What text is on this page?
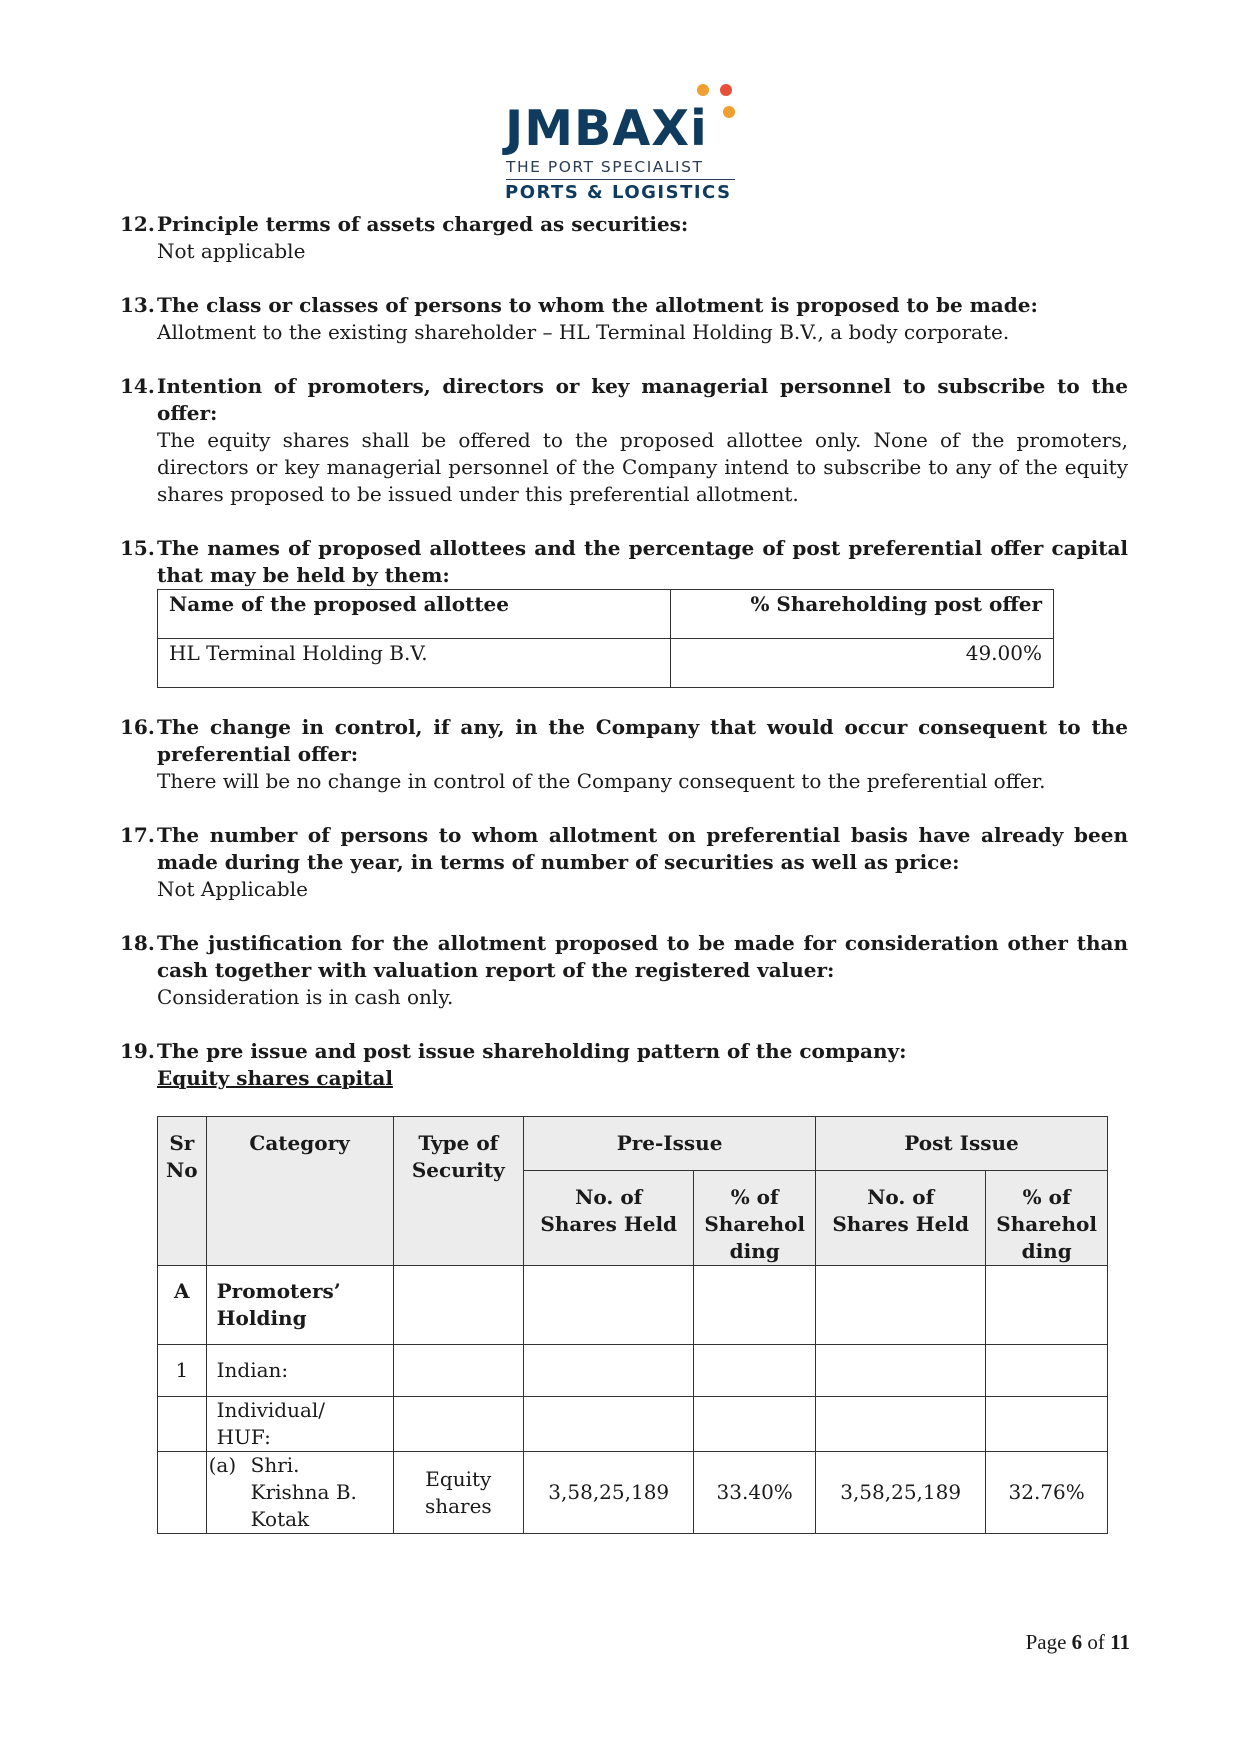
JMBAXi
THE PORT SPECIALIST
PORTS & LOGISTICS
12. Principle terms of assets charged as securities:
Not applicable
13. The class or classes of persons to whom the allotment is proposed to be made:
Allotment to the existing shareholder – HL Terminal Holding B.V., a body corporate.
14. Intention of promoters, directors or key managerial personnel to subscribe to the offer:
The equity shares shall be offered to the proposed allottee only. None of the promoters, directors or key managerial personnel of the Company intend to subscribe to any of the equity shares proposed to be issued under this preferential allotment.
15. The names of proposed allottees and the percentage of post preferential offer capital that may be held by them:
Name of the proposed allottee	% Shareholding post offer
HL Terminal Holding B.V.	49.00%
16. The change in control, if any, in the Company that would occur consequent to the preferential offer:
There will be no change in control of the Company consequent to the preferential offer.
17. The number of persons to whom allotment on preferential basis have already been made during the year, in terms of number of securities as well as price:
Not Applicable
18. The justification for the allotment proposed to be made for consideration other than cash together with valuation report of the registered valuer:
Consideration is in cash only.
19. The pre issue and post issue shareholding pattern of the company:
Equity shares capital
Sr No	Category	Type of Security	Pre-Issue		Post Issue	
			No. of Shares Held	% of Sharehol ding	No. of Shares Held	% of Sharehol ding
A	Promoters’ Holding					
1	Indian:					
	Individual/ HUF:					

	(a) Shri. Krishna B. Kotak	Equity shares	3,58,25,189	33.40%	3,58,25,189	32.76%
Page 6 of 11
